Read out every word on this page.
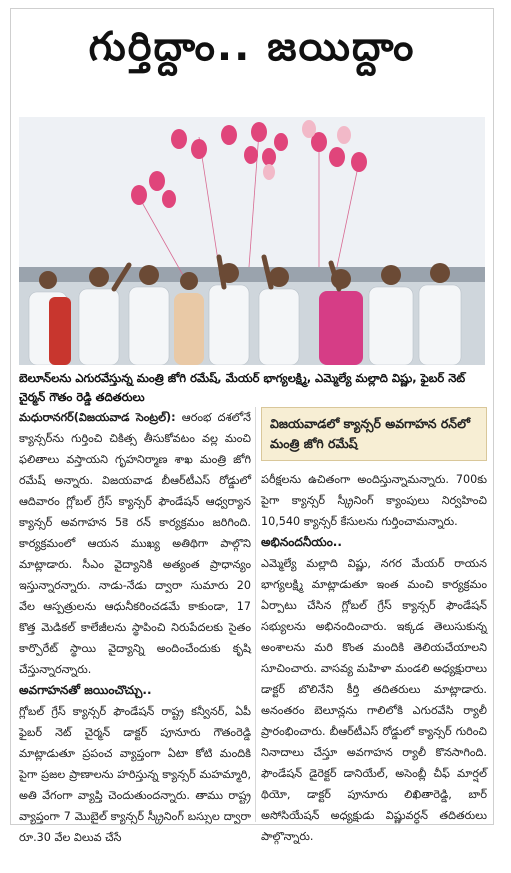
గుర్తిద్దాం.. జయిద్దాం
బెలూన్‌లను ఎగురవేస్తున్న మంత్రి జోగి రమేష్, మేయర్ భాగ్యలక్ష్మి, ఎమ్మెల్యే మల్లాది విష్ణు, ఫైబర్ నెట్ చైర్మన్ గౌతం రెడ్డి తదితరులు

మధురానగర్(విజయవాడ సెంట్రల్): ఆరంభ దశలోనే క్యాన్సర్‌ను గుర్తించి చికిత్స తీసుకోవటం వల్ల మంచి ఫలితాలు వస్తాయని గృహనిర్మాణ శాఖ మంత్రి జోగి రమేష్ అన్నారు. విజయవాడ బీఆర్‌టీఎస్ రోడ్డులో ఆదివారం గ్లోబల్ గ్రేస్ క్యాన్సర్ ఫౌండేషన్ ఆధ్వర్యాన క్యాన్సర్ అవగాహన 5కె రన్ కార్యక్రమం జరిగింది. కార్యక్రమంలో ఆయన ముఖ్య అతిథిగా పాల్గొని మాట్లాడారు. సీఎం వైద్యానికి అత్యంత ప్రాధాన్యం ఇస్తున్నారన్నారు. నాడు-నేడు ద్వారా సుమారు 20 వేల ఆస్పత్రులను ఆధునీకరించడమే కాకుండా, 17 కొత్త మెడికల్ కాలేజీలను స్థాపించి నిరుపేదలకు సైతం కార్పొరేట్ స్థాయి వైద్యాన్ని అందించేందుకు కృషి చేస్తున్నారన్నారు.

అవగాహనతో జయించొచ్చు..

గ్లోబల్ గ్రేస్ క్యాన్సర్ ఫౌండేషన్ రాష్ట్ర కన్వీనర్, ఏపీ ఫైబర్ నెట్ చైర్మన్ డాక్టర్ పూనూరు గౌతంరెడ్డి మాట్లాడుతూ ప్రపంచ వ్యాప్తంగా ఏటా కోటి మందికి పైగా ప్రజల ప్రాణాలను హరిస్తున్న క్యాన్సర్ మహమ్మారి, అతి వేగంగా వ్యాప్తి చెందుతుందన్నారు. తాము రాష్ట్ర వ్యాప్తంగా 7 మొబైల్ క్యాన్సర్ స్క్రీనింగ్ బస్సుల ద్వారా రూ.30 వేల విలువ చేసే

విజయవాడలో క్యాన్సర్ అవగాహన రన్‌లో మంత్రి జోగి రమేష్

పరీక్షలను ఉచితంగా అందిస్తున్నామన్నారు. 700కు పైగా క్యాన్సర్ స్క్రీనింగ్ క్యాంపులు నిర్వహించి 10,540 క్యాన్సర్ కేసులను గుర్తించామన్నారు.

అభినందనీయం..

ఎమ్మెల్యే మల్లాది విష్ణు, నగర మేయర్ రాయన భాగ్యలక్ష్మి మాట్లాడుతూ ఇంత మంచి కార్యక్రమం ఏర్పాటు చేసిన గ్లోబల్ గ్రేస్ క్యాన్సర్ ఫౌండేషన్ సభ్యులను అభినందించారు. ఇక్కడ తెలుసుకున్న అంశాలను మరి కొంత మందికి తెలియచేయాలని సూచించారు. వాసవ్య మహిళా మండలి అధ్యక్షురాలు డాక్టర్ బొలినేని కీర్తి తదితరులు మాట్లాడారు. అనంతరం బెలూన్లను గాలిలోకి ఎగురవేసి ర్యాలీ ప్రారంభించారు. బీఆర్‌టీఎస్ రోడ్డులో క్యాన్సర్ గురించి నినాదాలు చేస్తూ అవగాహన ర్యాలీ కొనసాగింది. ఫౌండేషన్ డైరెక్టర్ డానియేల్, అసెంబ్లీ చీఫ్ మార్షల్ థియో, డాక్టర్ పూనూరు లిఖితారెడ్డి, బార్ అసోసియేషన్ అధ్యక్షుడు విష్ణువర్ధన్ తదితరులు పాల్గొన్నారు.
